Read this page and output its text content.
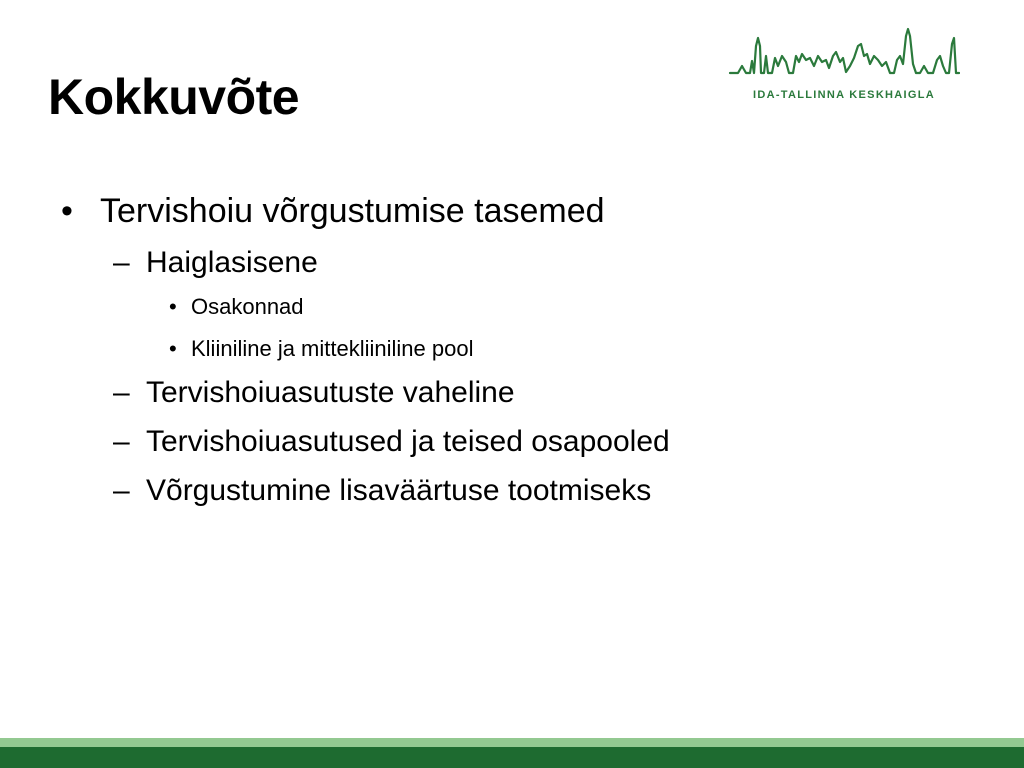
Kokkuvõte	IDA-TALLINNA KESKHAIGLA
• Tervishoiu võrgustumise tasemed
– Haiglasisene
• Osakonnad
• Kliiniline ja mittekliiniline pool
– Tervishoiuasutuste vaheline
– Tervishoiuasutused ja teised osapooled
– Võrgustumine lisaväärtuse tootmiseks
